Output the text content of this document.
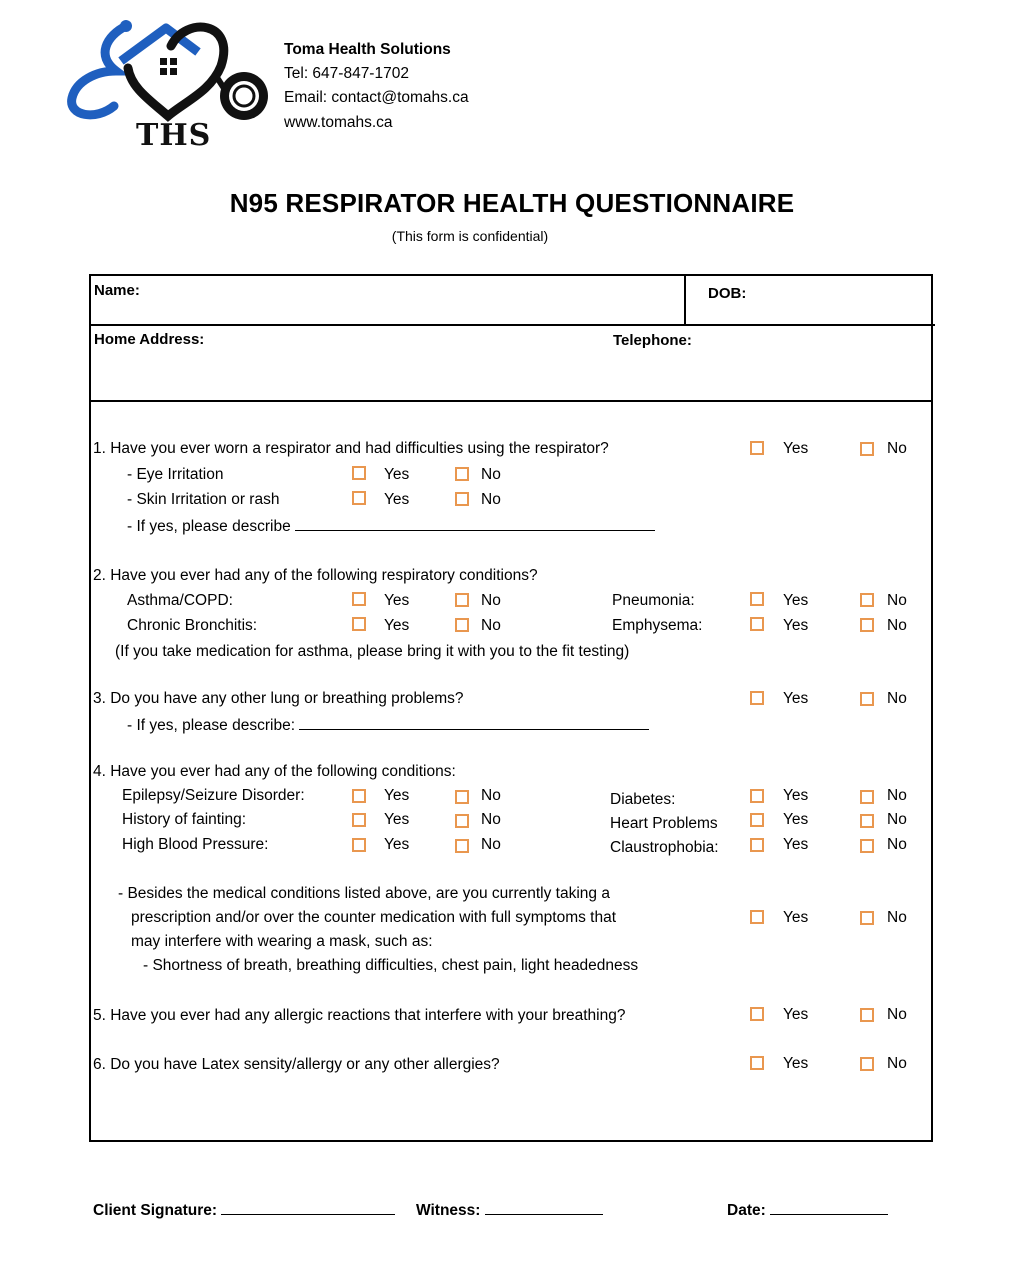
THS
Toma Health Solutions
Tel: 647-847-1702
Email: contact@tomahs.ca
www.tomahs.ca
N95 RESPIRATOR HEALTH QUESTIONNAIRE
(This form is confidential)
Name:	DOB:
Home Address:	Telephone:
1. Have you ever worn a respirator and had difficulties using the respirator?	Yes	No
- Eye Irritation	Yes	No
- Skin Irritation or rash	Yes	No
- If yes, please describe
2. Have you ever had any of the following respiratory conditions?
Asthma/COPD:	Yes	No	Pneumonia:	Yes	No
Chronic Bronchitis:	Yes	No	Emphysema:	Yes	No
(If you take medication for asthma, please bring it with you to the fit testing)
3. Do you have any other lung or breathing problems?	Yes	No
- If yes, please describe:
4. Have you ever had any of the following conditions:
Epilepsy/Seizure Disorder:	Yes	No	Diabetes:	Yes	No
History of fainting:	Yes	No	Heart Problems	Yes	No
High Blood Pressure:	Yes	No	Claustrophobia:	Yes	No
- Besides the medical conditions listed above, are you currently taking a
prescription and/or over the counter medication with full symptoms that
may interfere with wearing a mask, such as:
- Shortness of breath, breathing difficulties, chest pain, light headedness
Yes	No
5. Have you ever had any allergic reactions that interfere with your breathing?	Yes	No
6. Do you have Latex sensity/allergy or any other allergies?	Yes	No
Client Signature:	Witness:	Date:
